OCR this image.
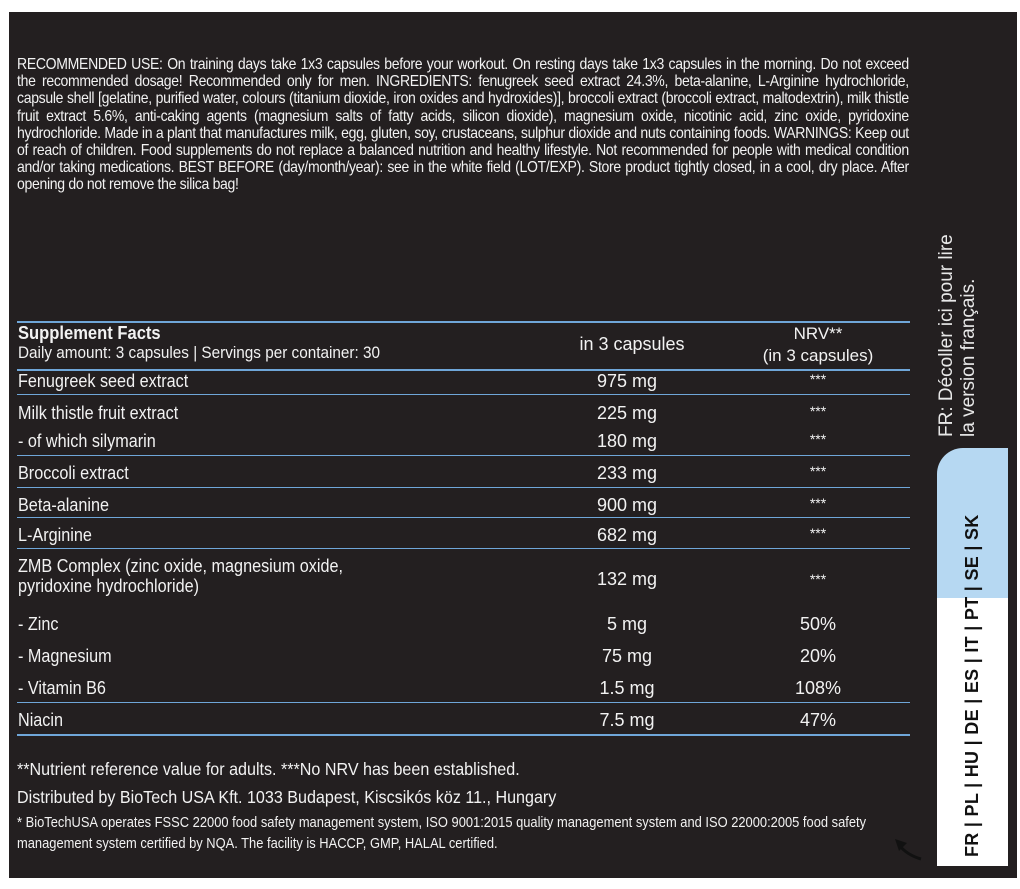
RECOMMENDED USE: On training days take 1x3 capsules before your workout. On resting days take 1x3 capsules in the morning. Do not exceed the recommended dosage! Recommended only for men. INGREDIENTS: fenugreek seed extract 24.3%, beta-alanine, L-Arginine hydrochloride, capsule shell [gelatine, purified water, colours (titanium dioxide, iron oxides and hydroxides)], broccoli extract (broccoli extract, maltodextrin), milk thistle fruit extract 5.6%, anti-caking agents (magnesium salts of fatty acids, silicon dioxide), magnesium oxide, nicotinic acid, zinc oxide, pyridoxine hydrochloride. Made in a plant that manufactures milk, egg, gluten, soy, crustaceans, sulphur dioxide and nuts containing foods. WARNINGS: Keep out of reach of children. Food supplements do not replace a balanced nutrition and healthy lifestyle. Not recommended for people with medical condition and/or taking medications. BEST BEFORE (day/month/year): see in the white field (LOT/EXP). Store product tightly closed, in a cool, dry place. After opening do not remove the silica bag!

Supplement Facts
Daily amount: 3 capsules | Servings per container: 30	in 3 capsules
NRV**
(in 3 capsules)
Fenugreek seed extract	975 mg	***
Milk thistle fruit extract	225 mg	***
- of which silymarin	180 mg	***
Broccoli extract	233 mg	***
Beta-alanine	900 mg	***
L-Arginine	682 mg	***
ZMB Complex (zinc oxide, magnesium oxide,
pyridoxine hydrochloride)	132 mg	***
- Zinc	5 mg	50%
- Magnesium	75 mg	20%
- Vitamin B6	1.5 mg	108%
Niacin	7.5 mg	47%
**Nutrient reference value for adults. ***No NRV has been established.
Distributed by BioTech USA Kft. 1033 Budapest, Kiscsikós köz 11., Hungary
* BioTechUSA operates FSSC 22000 food safety management system, ISO 9001:2015 quality management system and ISO 22000:2005 food safety management system certified by NQA. The facility is HACCP, GMP, HALAL certified.
FR: Décoller ici pour lire la version français.
FR | PL | HU | DE | ES | IT | PT | SE | SK
